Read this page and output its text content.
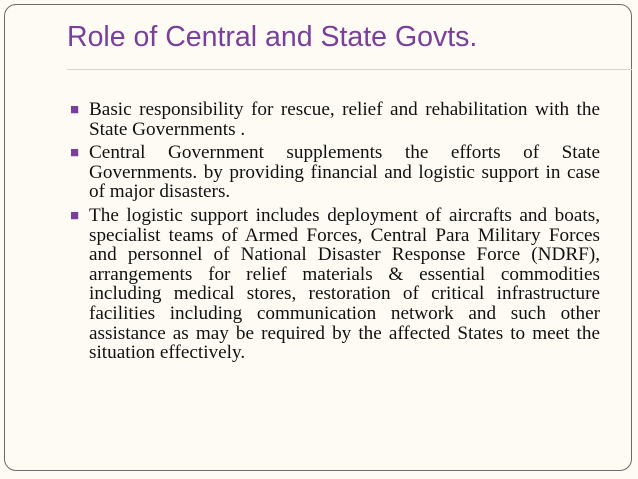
Role of Central and State Govts.
■ Basic responsibility for rescue, relief and rehabilitation with the State Governments .
■ Central Government supplements the efforts of State Governments. by providing financial and logistic support in case of major disasters.
■ The logistic support includes deployment of aircrafts and boats, specialist teams of Armed Forces, Central Para Military Forces and personnel of National Disaster Response Force (NDRF), arrangements for relief materials & essential commodities including medical stores, restoration of critical infrastructure facilities including communication network and such other assistance as may be required by the affected States to meet the situation effectively.
